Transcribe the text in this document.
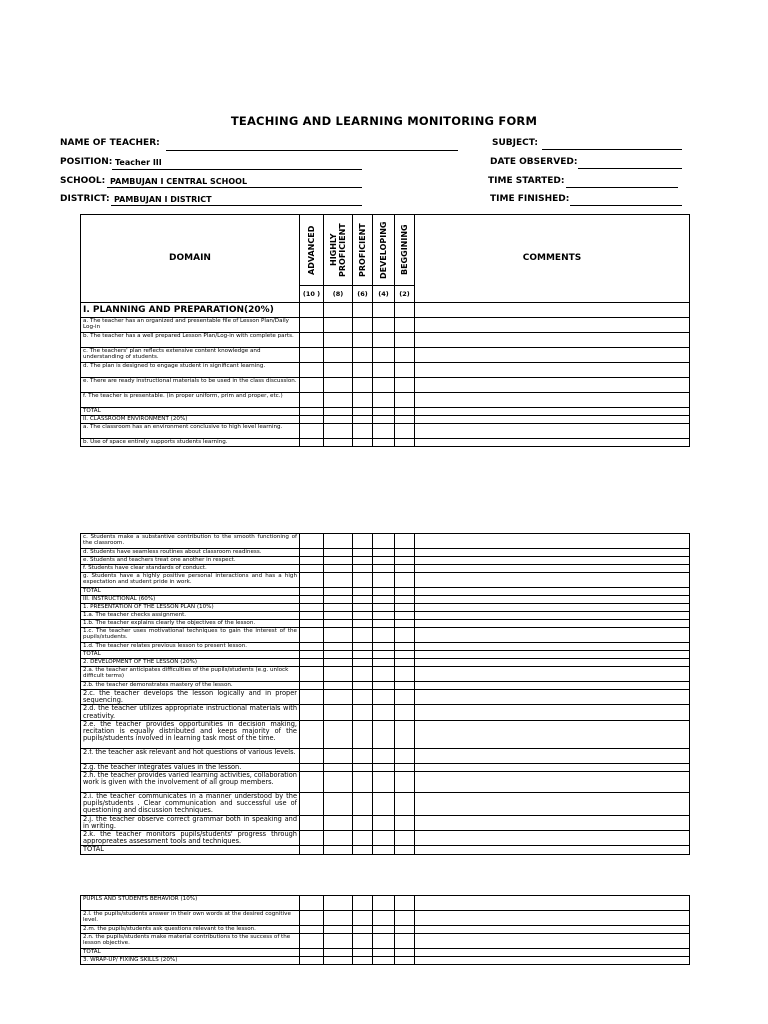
TEACHING AND LEARNING MONITORING FORM
NAME OF TEACHER:
POSITION: Teacher III
SCHOOL: PAMBUJAN I CENTRAL SCHOOL
DISTRICT: PAMBUJAN I DISTRICT
SUBJECT:
DATE OBSERVED:
TIME STARTED:
TIME FINISHED:
DOMAIN	ADVANCED	HIGHLY PROFICIENT	PROFICIENT	DEVELOPING	BEGGINING	COMMENTS
	(10 )	(8)	(6)	(4)	(2)	
I. PLANNING AND PREPARATION(20%)						
a. The teacher has an organized and presentable file of Lesson Plan/Daily Log-in						
b. The teacher has a well prepared Lesson Plan/Log-in with complete parts.						
c. The teachers' plan reflects extensive content knowledge and understanding of students.						
d. The plan is designed to engage student in significant learning.						
e. There are ready instructional materials to be used in the class discussion.						
f. The teacher is presentable. (in proper uniform, prim and proper, etc.)						
TOTAL						
II. CLASSROOM ENVIRONMENT (20%)						
a. The classroom has an environment conclusive to high level learning.						
b. Use of space entirely supports students learning.						
c. Students make a substantive contribution to the smooth functioning of the classroom.						
d. Students have seamless routines about classroom readiness.						
e. Students and teachers treat one another in respect.						
f. Students have clear standards of conduct.						
g. Students have a highly positive personal interactions and has a high expectation and student pride in work.						
TOTAL						
III. INSTRUCTIONAL (60%)						
1. PRESENTATION OF THE LESSON PLAN (10%)						
1.a. The teacher checks assignment.						
1.b. The teacher explains clearly the objectives of the lesson.						
1.c. The teacher uses motivational techniques to gain the interest of the pupils/students.						
1.d. The teacher relates previous lesson to present lesson.						
TOTAL						
2. DEVELOPMENT OF THE LESSON (20%)						
2.a. the teacher anticipates difficulties of the pupils/students (e.g. unlock difficult terms)						
2.b. the teacher demonstrates mastery of the lesson.						
2.c. the teacher develops the lesson logically and in proper sequencing.						
2.d. the teacher utilizes appropriate instructional materials with creativity.						
2.e. the teacher provides opportunities in decision making, recitation is equally distributed and keeps majority of the pupils/students involved in learning task most of the time.						
2.f. the teacher ask relevant and hot questions of various levels.						
2.g. the teacher integrates values in the lesson.						
2.h. the teacher provides varied learning activities, collaboration work is given with the involvement of all group members.						
2.i. the teacher communicates in a manner understood by the pupils/students . Clear communication and successful use of questioning and discussion techniques.						
2.j. the teacher observe correct grammar both in speaking and in writing.						
2.k. the teacher monitors pupils/students' progress through appropreates assessment tools and techniques.						
TOTAL						
PUPILS AND STUDENTS BEHAVIOR (10%)						
2.l. the pupils/students answer in their own words at the desired cognitive level.						
2.m. the pupils/students ask questions relevant to the lesson.						
2.n. the pupils/students make material contributions to the success of the lesson objective.						
TOTAL						
3. WRAP-UP/ FIXING SKILLS (20%)						
